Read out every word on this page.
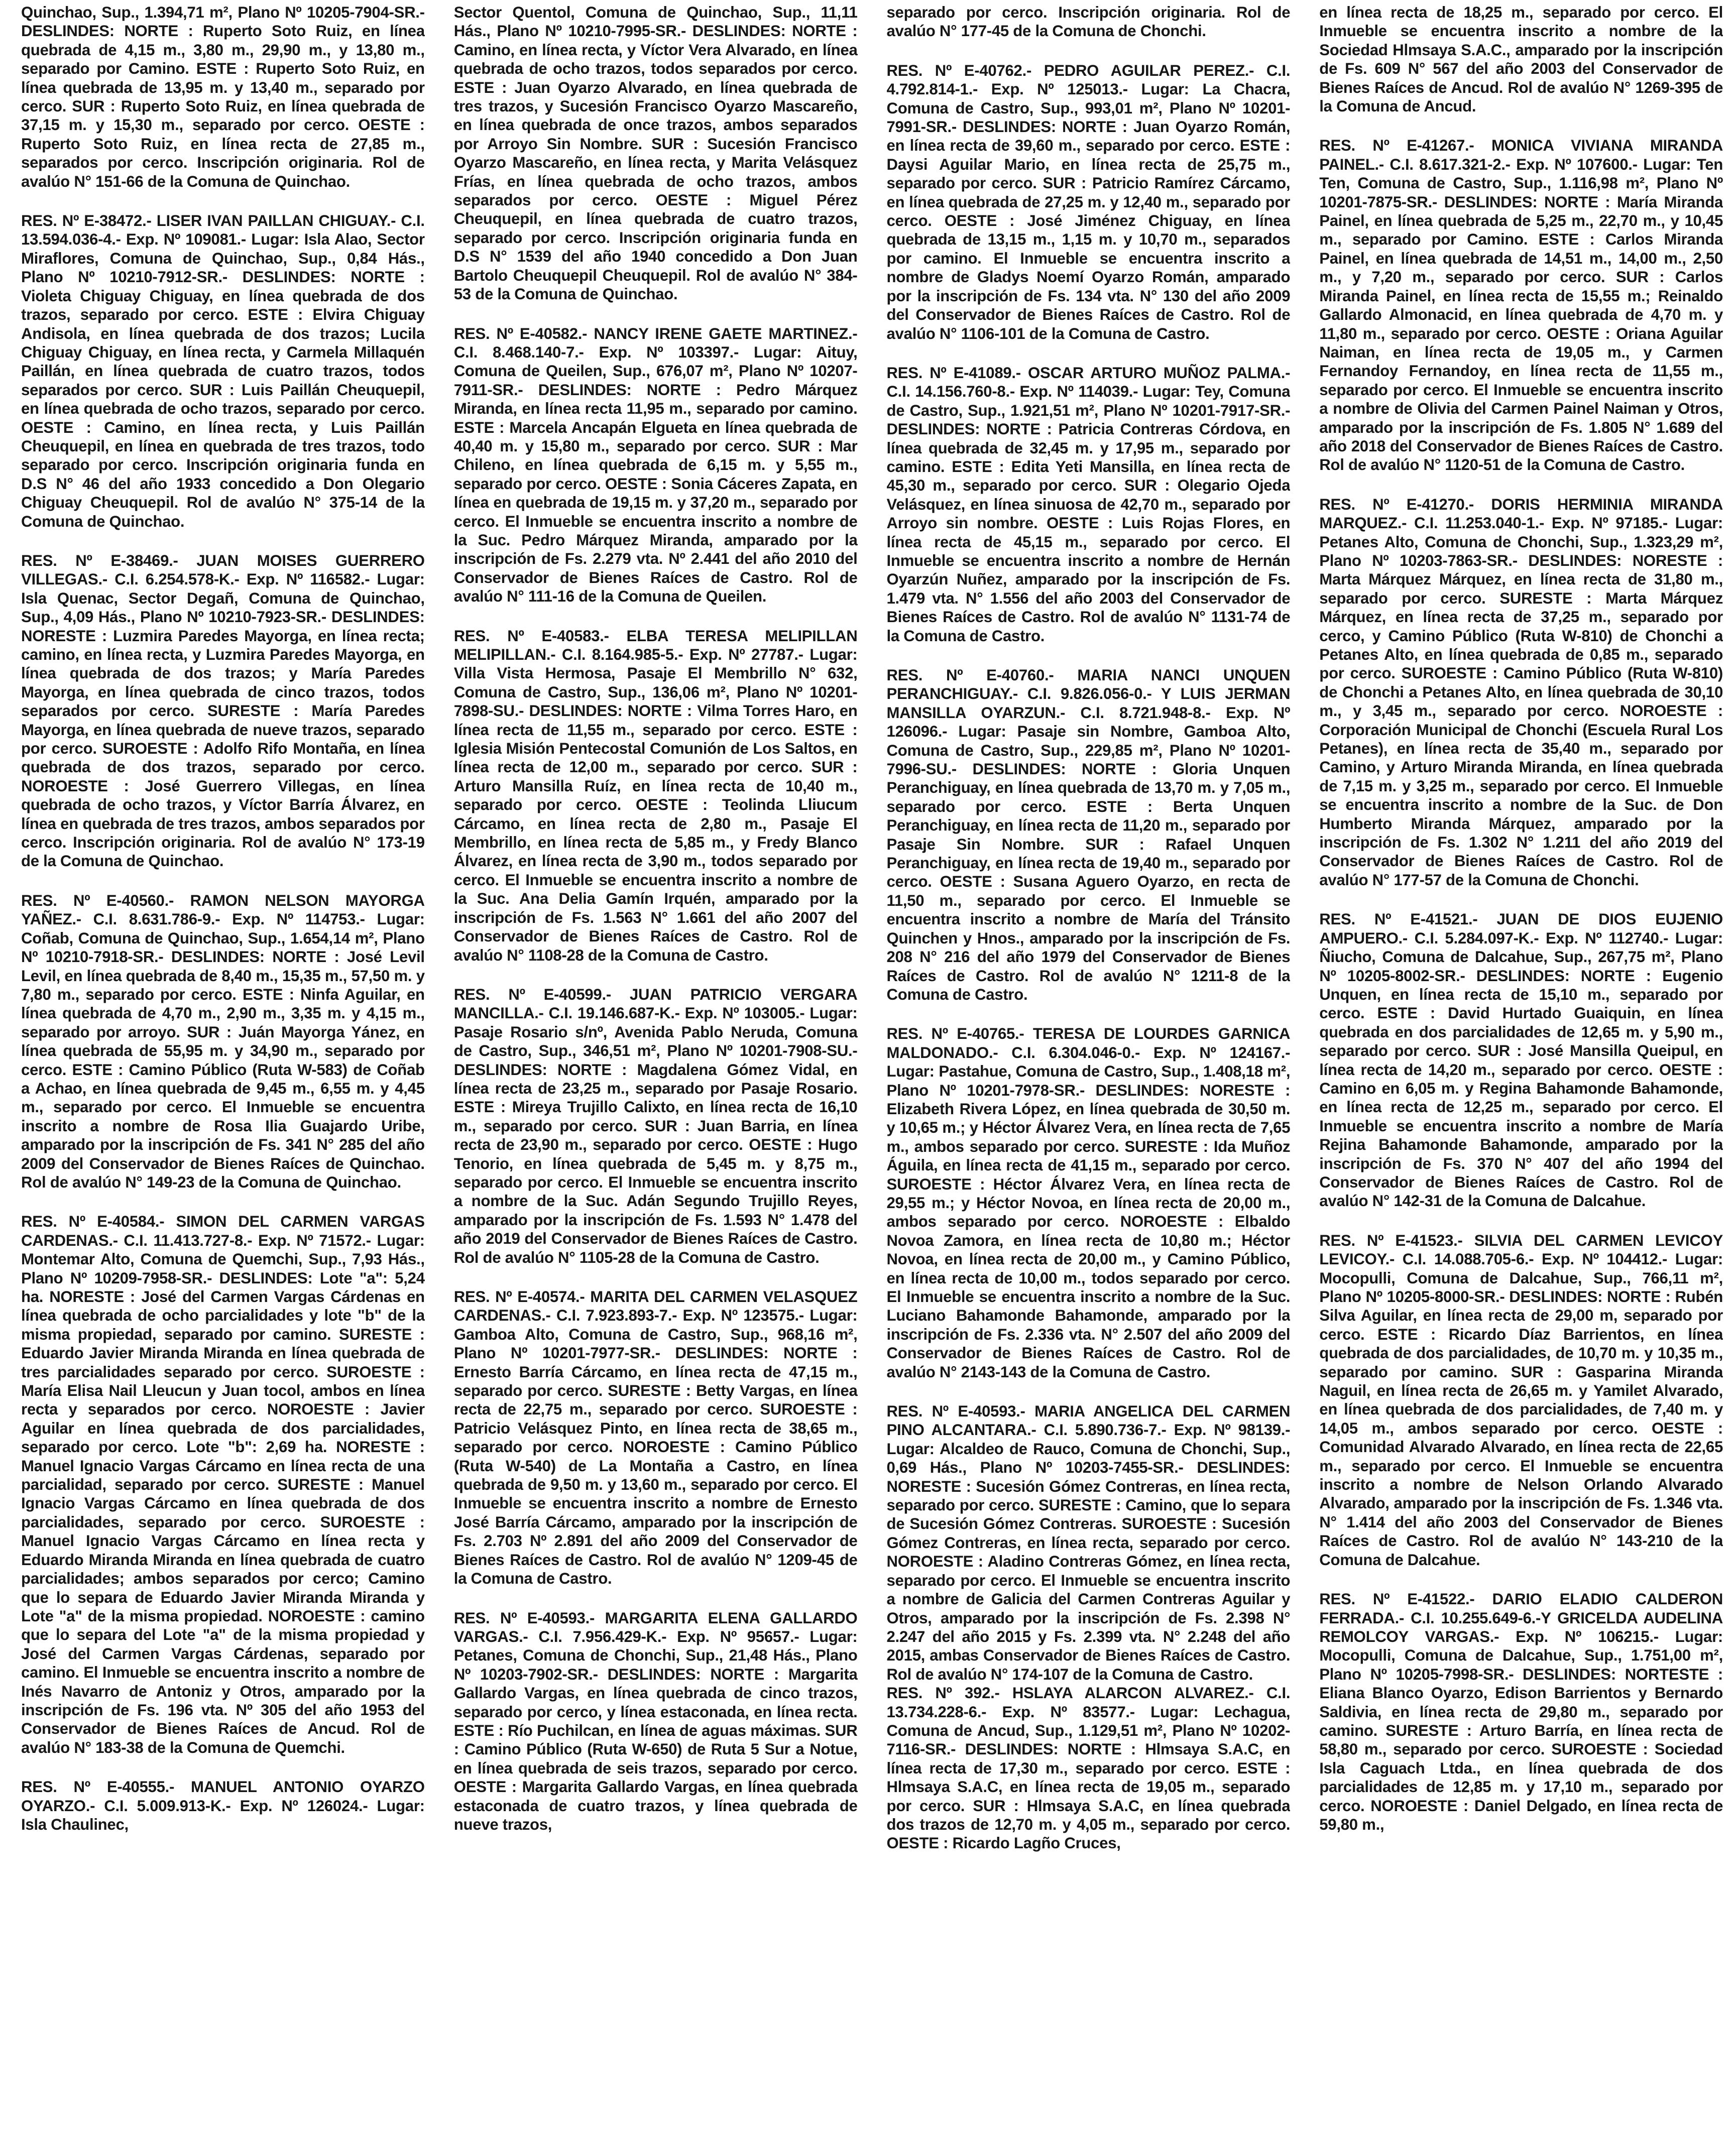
Quinchao, Sup., 1.394,71 m², Plano Nº 10205-7904-SR.- DESLINDES: NORTE : Ruperto Soto Ruiz, en línea quebrada de 4,15 m., 3,80 m., 29,90 m., y 13,80 m., separado por Camino. ESTE : Ruperto Soto Ruiz, en línea quebrada de 13,95 m. y 13,40 m., separado por cerco. SUR : Ruperto Soto Ruiz, en línea quebrada de 37,15 m. y 15,30 m., separado por cerco. OESTE : Ruperto Soto Ruiz, en línea recta de 27,85 m., separados por cerco. Inscripción originaria. Rol de avalúo N° 151-66 de la Comuna de Quinchao.

RES. Nº E-38472.- LISER IVAN PAILLAN CHIGUAY.- C.I. 13.594.036-4.- Exp. Nº 109081.- Lugar: Isla Alao, Sector Miraflores, Comuna de Quinchao, Sup., 0,84 Hás., Plano Nº 10210-7912-SR.- DESLINDES: NORTE : Violeta Chiguay Chiguay, en línea quebrada de dos trazos, separado por cerco. ESTE : Elvira Chiguay Andisola, en línea quebrada de dos trazos; Lucila Chiguay Chiguay, en línea recta, y Carmela Millaquén Paillán, en línea quebrada de cuatro trazos, todos separados por cerco. SUR : Luis Paillán Cheuquepil, en línea quebrada de ocho trazos, separado por cerco. OESTE : Camino, en línea recta, y Luis Paillán Cheuquepil, en línea en quebrada de tres trazos, todo separado por cerco. Inscripción originaria funda en D.S N° 46 del año 1933 concedido a Don Olegario Chiguay Cheuquepil. Rol de avalúo N° 375-14 de la Comuna de Quinchao.

RES. Nº E-38469.- JUAN MOISES GUERRERO VILLEGAS.- C.I. 6.254.578-K.- Exp. Nº 116582.- Lugar: Isla Quenac, Sector Degañ, Comuna de Quinchao, Sup., 4,09 Hás., Plano Nº 10210-7923-SR.- DESLINDES: NORESTE : Luzmira Paredes Mayorga, en línea recta; camino, en línea recta, y Luzmira Paredes Mayorga, en línea quebrada de dos trazos; y María Paredes Mayorga, en línea quebrada de cinco trazos, todos separados por cerco. SURESTE : María Paredes Mayorga, en línea quebrada de nueve trazos, separado por cerco. SUROESTE : Adolfo Rifo Montaña, en línea quebrada de dos trazos, separado por cerco. NOROESTE : José Guerrero Villegas, en línea quebrada de ocho trazos, y Víctor Barría Álvarez, en línea en quebrada de tres trazos, ambos separados por cerco. Inscripción originaria. Rol de avalúo N° 173-19 de la Comuna de Quinchao.

RES. Nº E-40560.- RAMON NELSON MAYORGA YAÑEZ.- C.I. 8.631.786-9.- Exp. Nº 114753.- Lugar: Coñab, Comuna de Quinchao, Sup., 1.654,14 m², Plano Nº 10210-7918-SR.- DESLINDES: NORTE : José Levil Levil, en línea quebrada de 8,40 m., 15,35 m., 57,50 m. y 7,80 m., separado por cerco. ESTE : Ninfa Aguilar, en línea quebrada de 4,70 m., 2,90 m., 3,35 m. y 4,15 m., separado por arroyo. SUR : Juán Mayorga Yánez, en línea quebrada de 55,95 m. y 34,90 m., separado por cerco. ESTE : Camino Público (Ruta W-583) de Coñab a Achao, en línea quebrada de 9,45 m., 6,55 m. y 4,45 m., separado por cerco. El Inmueble se encuentra inscrito a nombre de Rosa Ilia Guajardo Uribe, amparado por la inscripción de Fs. 341 N° 285 del año 2009 del Conservador de Bienes Raíces de Quinchao. Rol de avalúo N° 149-23 de la Comuna de Quinchao.

RES. Nº E-40584.- SIMON DEL CARMEN VARGAS CARDENAS.- C.I. 11.413.727-8.- Exp. Nº 71572.- Lugar: Montemar Alto, Comuna de Quemchi, Sup., 7,93 Hás., Plano Nº 10209-7958-SR.- DESLINDES: Lote "a": 5,24 ha. NORESTE : José del Carmen Vargas Cárdenas en línea quebrada de ocho parcialidades y lote "b" de la misma propiedad, separado por camino. SURESTE : Eduardo Javier Miranda Miranda en línea quebrada de tres parcialidades separado por cerco. SUROESTE : María Elisa Nail Lleucun y Juan tocol, ambos en línea recta y separados por cerco. NOROESTE : Javier Aguilar en línea quebrada de dos parcialidades, separado por cerco. Lote "b": 2,69 ha. NORESTE : Manuel Ignacio Vargas Cárcamo en línea recta de una parcialidad, separado por cerco. SURESTE : Manuel Ignacio Vargas Cárcamo en línea quebrada de dos parcialidades, separado por cerco. SUROESTE : Manuel Ignacio Vargas Cárcamo en línea recta y Eduardo Miranda Miranda en línea quebrada de cuatro parcialidades; ambos separados por cerco; Camino que lo separa de Eduardo Javier Miranda Miranda y Lote "a" de la misma propiedad. NOROESTE : camino que lo separa del Lote "a" de la misma propiedad y José del Carmen Vargas Cárdenas, separado por camino. El Inmueble se encuentra inscrito a nombre de Inés Navarro de Antoniz y Otros, amparado por la inscripción de Fs. 196 vta. Nº 305 del año 1953 del Conservador de Bienes Raíces de Ancud. Rol de avalúo N° 183-38 de la Comuna de Quemchi.

RES. Nº E-40555.- MANUEL ANTONIO OYARZO OYARZO.- C.I. 5.009.913-K.- Exp. Nº 126024.- Lugar: Isla Chaulinec,

Sector Quentol, Comuna de Quinchao, Sup., 11,11 Hás., Plano Nº 10210-7995-SR.- DESLINDES: NORTE : Camino, en línea recta, y Víctor Vera Alvarado, en línea quebrada de ocho trazos, todos separados por cerco. ESTE : Juan Oyarzo Alvarado, en línea quebrada de tres trazos, y Sucesión Francisco Oyarzo Mascareño, en línea quebrada de once trazos, ambos separados por Arroyo Sin Nombre. SUR : Sucesión Francisco Oyarzo Mascareño, en línea recta, y Marita Velásquez Frías, en línea quebrada de ocho trazos, ambos separados por cerco. OESTE : Miguel Pérez Cheuquepil, en línea quebrada de cuatro trazos, separado por cerco. Inscripción originaria funda en D.S N° 1539 del año 1940 concedido a Don Juan Bartolo Cheuquepil Cheuquepil. Rol de avalúo N° 384-53 de la Comuna de Quinchao.

RES. Nº E-40582.- NANCY IRENE GAETE MARTINEZ.- C.I. 8.468.140-7.- Exp. Nº 103397.- Lugar: Aituy, Comuna de Queilen, Sup., 676,07 m², Plano Nº 10207-7911-SR.- DESLINDES: NORTE : Pedro Márquez Miranda, en línea recta 11,95 m., separado por camino. ESTE : Marcela Ancapán Elgueta en línea quebrada de 40,40 m. y 15,80 m., separado por cerco. SUR : Mar Chileno, en línea quebrada de 6,15 m. y 5,55 m., separado por cerco. OESTE : Sonia Cáceres Zapata, en línea en quebrada de 19,15 m. y 37,20 m., separado por cerco. El Inmueble se encuentra inscrito a nombre de la Suc. Pedro Márquez Miranda, amparado por la inscripción de Fs. 2.279 vta. Nº 2.441 del año 2010 del Conservador de Bienes Raíces de Castro. Rol de avalúo N° 111-16 de la Comuna de Queilen.

RES. Nº E-40583.- ELBA TERESA MELIPILLAN MELIPILLAN.- C.I. 8.164.985-5.- Exp. Nº 27787.- Lugar: Villa Vista Hermosa, Pasaje El Membrillo N° 632, Comuna de Castro, Sup., 136,06 m², Plano Nº 10201-7898-SU.- DESLINDES: NORTE : Vilma Torres Haro, en línea recta de 11,55 m., separado por cerco. ESTE : Iglesia Misión Pentecostal Comunión de Los Saltos, en línea recta de 12,00 m., separado por cerco. SUR : Arturo Mansilla Ruíz, en línea recta de 10,40 m., separado por cerco. OESTE : Teolinda Lliucum Cárcamo, en línea recta de 2,80 m., Pasaje El Membrillo, en línea recta de 5,85 m., y Fredy Blanco Álvarez, en línea recta de 3,90 m., todos separado por cerco. El Inmueble se encuentra inscrito a nombre de la Suc. Ana Delia Gamín Irquén, amparado por la inscripción de Fs. 1.563 N° 1.661 del año 2007 del Conservador de Bienes Raíces de Castro. Rol de avalúo N° 1108-28 de la Comuna de Castro.

RES. Nº E-40599.- JUAN PATRICIO VERGARA MANCILLA.- C.I. 19.146.687-K.- Exp. Nº 103005.- Lugar: Pasaje Rosario s/nº, Avenida Pablo Neruda, Comuna de Castro, Sup., 346,51 m², Plano Nº 10201-7908-SU.- DESLINDES: NORTE : Magdalena Gómez Vidal, en línea recta de 23,25 m., separado por Pasaje Rosario. ESTE : Mireya Trujillo Calixto, en línea recta de 16,10 m., separado por cerco. SUR : Juan Barria, en línea recta de 23,90 m., separado por cerco. OESTE : Hugo Tenorio, en línea quebrada de 5,45 m. y 8,75 m., separado por cerco. El Inmueble se encuentra inscrito a nombre de la Suc. Adán Segundo Trujillo Reyes, amparado por la inscripción de Fs. 1.593 N° 1.478 del año 2019 del Conservador de Bienes Raíces de Castro. Rol de avalúo N° 1105-28 de la Comuna de Castro.

RES. Nº E-40574.- MARITA DEL CARMEN VELASQUEZ CARDENAS.- C.I. 7.923.893-7.- Exp. Nº 123575.- Lugar: Gamboa Alto, Comuna de Castro, Sup., 968,16 m², Plano Nº 10201-7977-SR.- DESLINDES: NORTE : Ernesto Barría Cárcamo, en línea recta de 47,15 m., separado por cerco. SURESTE : Betty Vargas, en línea recta de 22,75 m., separado por cerco. SUROESTE : Patricio Velásquez Pinto, en línea recta de 38,65 m., separado por cerco. NOROESTE : Camino Público (Ruta W-540) de La Montaña a Castro, en línea quebrada de 9,50 m. y 13,60 m., separado por cerco. El Inmueble se encuentra inscrito a nombre de Ernesto José Barría Cárcamo, amparado por la inscripción de Fs. 2.703 Nº 2.891 del año 2009 del Conservador de Bienes Raíces de Castro. Rol de avalúo N° 1209-45 de la Comuna de Castro.

RES. Nº E-40593.- MARGARITA ELENA GALLARDO VARGAS.- C.I. 7.956.429-K.- Exp. Nº 95657.- Lugar: Petanes, Comuna de Chonchi, Sup., 21,48 Hás., Plano Nº 10203-7902-SR.- DESLINDES: NORTE : Margarita Gallardo Vargas, en línea quebrada de cinco trazos, separado por cerco, y línea estaconada, en línea recta. ESTE : Río Puchilcan, en línea de aguas máximas. SUR : Camino Público (Ruta W-650) de Ruta 5 Sur a Notue, en línea quebrada de seis trazos, separado por cerco. OESTE : Margarita Gallardo Vargas, en línea quebrada estaconada de cuatro trazos, y línea quebrada de nueve trazos,

separado por cerco. Inscripción originaria. Rol de avalúo N° 177-45 de la Comuna de Chonchi.

RES. Nº E-40762.- PEDRO AGUILAR PEREZ.- C.I. 4.792.814-1.- Exp. Nº 125013.- Lugar: La Chacra, Comuna de Castro, Sup., 993,01 m², Plano Nº 10201-7991-SR.- DESLINDES: NORTE : Juan Oyarzo Román, en línea recta de 39,60 m., separado por cerco. ESTE : Daysi Aguilar Mario, en línea recta de 25,75 m., separado por cerco. SUR : Patricio Ramírez Cárcamo, en línea quebrada de 27,25 m. y 12,40 m., separado por cerco. OESTE : José Jiménez Chiguay, en línea quebrada de 13,15 m., 1,15 m. y 10,70 m., separados por camino. El Inmueble se encuentra inscrito a nombre de Gladys Noemí Oyarzo Román, amparado por la inscripción de Fs. 134 vta. N° 130 del año 2009 del Conservador de Bienes Raíces de Castro. Rol de avalúo N° 1106-101 de la Comuna de Castro.

RES. Nº E-41089.- OSCAR ARTURO MUÑOZ PALMA.- C.I. 14.156.760-8.- Exp. Nº 114039.- Lugar: Tey, Comuna de Castro, Sup., 1.921,51 m², Plano Nº 10201-7917-SR.- DESLINDES: NORTE : Patricia Contreras Córdova, en línea quebrada de 32,45 m. y 17,95 m., separado por camino. ESTE : Edita Yeti Mansilla, en línea recta de 45,30 m., separado por cerco. SUR : Olegario Ojeda Velásquez, en línea sinuosa de 42,70 m., separado por Arroyo sin nombre. OESTE : Luis Rojas Flores, en línea recta de 45,15 m., separado por cerco. El Inmueble se encuentra inscrito a nombre de Hernán Oyarzún Nuñez, amparado por la inscripción de Fs. 1.479 vta. N° 1.556 del año 2003 del Conservador de Bienes Raíces de Castro. Rol de avalúo N° 1131-74 de la Comuna de Castro.

RES. Nº E-40760.- MARIA NANCI UNQUEN PERANCHIGUAY.- C.I. 9.826.056-0.- Y LUIS JERMAN MANSILLA OYARZUN.- C.I. 8.721.948-8.- Exp. Nº 126096.- Lugar: Pasaje sin Nombre, Gamboa Alto, Comuna de Castro, Sup., 229,85 m², Plano Nº 10201-7996-SU.- DESLINDES: NORTE : Gloria Unquen Peranchiguay, en línea quebrada de 13,70 m. y 7,05 m., separado por cerco. ESTE : Berta Unquen Peranchiguay, en línea recta de 11,20 m., separado por Pasaje Sin Nombre. SUR : Rafael Unquen Peranchiguay, en línea recta de 19,40 m., separado por cerco. OESTE : Susana Aguero Oyarzo, en recta de 11,50 m., separado por cerco. El Inmueble se encuentra inscrito a nombre de María del Tránsito Quinchen y Hnos., amparado por la inscripción de Fs. 208 N° 216 del año 1979 del Conservador de Bienes Raíces de Castro. Rol de avalúo N° 1211-8 de la Comuna de Castro.

RES. Nº E-40765.- TERESA DE LOURDES GARNICA MALDONADO.- C.I. 6.304.046-0.- Exp. Nº 124167.- Lugar: Pastahue, Comuna de Castro, Sup., 1.408,18 m², Plano Nº 10201-7978-SR.- DESLINDES: NORESTE : Elizabeth Rivera López, en línea quebrada de 30,50 m. y 10,65 m.; y Héctor Álvarez Vera, en línea recta de 7,65 m., ambos separado por cerco. SURESTE : Ida Muñoz Águila, en línea recta de 41,15 m., separado por cerco. SUROESTE : Héctor Álvarez Vera, en línea recta de 29,55 m.; y Héctor Novoa, en línea recta de 20,00 m., ambos separado por cerco. NOROESTE : Elbaldo Novoa Zamora, en línea recta de 10,80 m.; Héctor Novoa, en línea recta de 20,00 m., y Camino Público, en línea recta de 10,00 m., todos separado por cerco. El Inmueble se encuentra inscrito a nombre de la Suc. Luciano Bahamonde Bahamonde, amparado por la inscripción de Fs. 2.336 vta. N° 2.507 del año 2009 del Conservador de Bienes Raíces de Castro. Rol de avalúo N° 2143-143 de la Comuna de Castro.

RES. Nº E-40593.- MARIA ANGELICA DEL CARMEN PINO ALCANTARA.- C.I. 5.890.736-7.- Exp. Nº 98139.- Lugar: Alcaldeo de Rauco, Comuna de Chonchi, Sup., 0,69 Hás., Plano Nº 10203-7455-SR.- DESLINDES: NORESTE : Sucesión Gómez Contreras, en línea recta, separado por cerco. SURESTE : Camino, que lo separa de Sucesión Gómez Contreras. SUROESTE : Sucesión Gómez Contreras, en línea recta, separado por cerco. NOROESTE : Aladino Contreras Gómez, en línea recta, separado por cerco. El Inmueble se encuentra inscrito a nombre de Galicia del Carmen Contreras Aguilar y Otros, amparado por la inscripción de Fs. 2.398 N° 2.247 del año 2015 y Fs. 2.399 vta. N° 2.248 del año 2015, ambas Conservador de Bienes Raíces de Castro. Rol de avalúo N° 174-107 de la Comuna de Castro.

RES. Nº 392.- HSLAYA ALARCON ALVAREZ.- C.I. 13.734.228-6.- Exp. Nº 83577.- Lugar: Lechagua, Comuna de Ancud, Sup., 1.129,51 m², Plano Nº 10202-7116-SR.- DESLINDES: NORTE : Hlmsaya S.A.C, en línea recta de 17,30 m., separado por cerco. ESTE : Hlmsaya S.A.C, en línea recta de 19,05 m., separado por cerco. SUR : Hlmsaya S.A.C, en línea quebrada dos trazos de 12,70 m. y 4,05 m., separado por cerco. OESTE : Ricardo Lagño Cruces,

en línea recta de 18,25 m., separado por cerco. El Inmueble se encuentra inscrito a nombre de la Sociedad Hlmsaya S.A.C., amparado por la inscripción de Fs. 609 N° 567 del año 2003 del Conservador de Bienes Raíces de Ancud. Rol de avalúo N° 1269-395 de la Comuna de Ancud.

RES. Nº E-41267.- MONICA VIVIANA MIRANDA PAINEL.- C.I. 8.617.321-2.- Exp. Nº 107600.- Lugar: Ten Ten, Comuna de Castro, Sup., 1.116,98 m², Plano Nº 10201-7875-SR.- DESLINDES: NORTE : María Miranda Painel, en línea quebrada de 5,25 m., 22,70 m., y 10,45 m., separado por Camino. ESTE : Carlos Miranda Painel, en línea quebrada de 14,51 m., 14,00 m., 2,50 m., y 7,20 m., separado por cerco. SUR : Carlos Miranda Painel, en línea recta de 15,55 m.; Reinaldo Gallardo Almonacid, en línea quebrada de 4,70 m. y 11,80 m., separado por cerco. OESTE : Oriana Aguilar Naiman, en línea recta de 19,05 m., y Carmen Fernandoy Fernandoy, en línea recta de 11,55 m., separado por cerco. El Inmueble se encuentra inscrito a nombre de Olivia del Carmen Painel Naiman y Otros, amparado por la inscripción de Fs. 1.805 N° 1.689 del año 2018 del Conservador de Bienes Raíces de Castro. Rol de avalúo N° 1120-51 de la Comuna de Castro.

RES. Nº E-41270.- DORIS HERMINIA MIRANDA MARQUEZ.- C.I. 11.253.040-1.- Exp. Nº 97185.- Lugar: Petanes Alto, Comuna de Chonchi, Sup., 1.323,29 m², Plano Nº 10203-7863-SR.- DESLINDES: NORESTE : Marta Márquez Márquez, en línea recta de 31,80 m., separado por cerco. SURESTE : Marta Márquez Márquez, en línea recta de 37,25 m., separado por cerco, y Camino Público (Ruta W-810) de Chonchi a Petanes Alto, en línea quebrada de 0,85 m., separado por cerco. SUROESTE : Camino Público (Ruta W-810) de Chonchi a Petanes Alto, en línea quebrada de 30,10 m., y 3,45 m., separado por cerco. NOROESTE : Corporación Municipal de Chonchi (Escuela Rural Los Petanes), en línea recta de 35,40 m., separado por Camino, y Arturo Miranda Miranda, en línea quebrada de 7,15 m. y 3,25 m., separado por cerco. El Inmueble se encuentra inscrito a nombre de la Suc. de Don Humberto Miranda Márquez, amparado por la inscripción de Fs. 1.302 N° 1.211 del año 2019 del Conservador de Bienes Raíces de Castro. Rol de avalúo N° 177-57 de la Comuna de Chonchi.

RES. Nº E-41521.- JUAN DE DIOS EUJENIO AMPUERO.- C.I. 5.284.097-K.- Exp. Nº 112740.- Lugar: Ñiucho, Comuna de Dalcahue, Sup., 267,75 m², Plano Nº 10205-8002-SR.- DESLINDES: NORTE : Eugenio Unquen, en línea recta de 15,10 m., separado por cerco. ESTE : David Hurtado Guaiquin, en línea quebrada en dos parcialidades de 12,65 m. y 5,90 m., separado por cerco. SUR : José Mansilla Queipul, en línea recta de 14,20 m., separado por cerco. OESTE : Camino en 6,05 m. y Regina Bahamonde Bahamonde, en línea recta de 12,25 m., separado por cerco. El Inmueble se encuentra inscrito a nombre de María Rejina Bahamonde Bahamonde, amparado por la inscripción de Fs. 370 N° 407 del año 1994 del Conservador de Bienes Raíces de Castro. Rol de avalúo N° 142-31 de la Comuna de Dalcahue.

RES. Nº E-41523.- SILVIA DEL CARMEN LEVICOY LEVICOY.- C.I. 14.088.705-6.- Exp. Nº 104412.- Lugar: Mocopulli, Comuna de Dalcahue, Sup., 766,11 m², Plano Nº 10205-8000-SR.- DESLINDES: NORTE : Rubén Silva Aguilar, en línea recta de 29,00 m, separado por cerco. ESTE : Ricardo Díaz Barrientos, en línea quebrada de dos parcialidades, de 10,70 m. y 10,35 m., separado por camino. SUR : Gasparina Miranda Naguil, en línea recta de 26,65 m. y Yamilet Alvarado, en línea quebrada de dos parcialidades, de 7,40 m. y 14,05 m., ambos separado por cerco. OESTE : Comunidad Alvarado Alvarado, en línea recta de 22,65 m., separado por cerco. El Inmueble se encuentra inscrito a nombre de Nelson Orlando Alvarado Alvarado, amparado por la inscripción de Fs. 1.346 vta. N° 1.414 del año 2003 del Conservador de Bienes Raíces de Castro. Rol de avalúo N° 143-210 de la Comuna de Dalcahue.

RES. Nº E-41522.- DARIO ELADIO CALDERON FERRADA.- C.I. 10.255.649-6.-Y GRICELDA AUDELINA REMOLCOY VARGAS.- Exp. Nº 106215.- Lugar: Mocopulli, Comuna de Dalcahue, Sup., 1.751,00 m², Plano Nº 10205-7998-SR.- DESLINDES: NORTESTE : Eliana Blanco Oyarzo, Edison Barrientos y Bernardo Saldivia, en línea recta de 29,80 m., separado por camino. SURESTE : Arturo Barría, en línea recta de 58,80 m., separado por cerco. SUROESTE : Sociedad Isla Caguach Ltda., en línea quebrada de dos parcialidades de 12,85 m. y 17,10 m., separado por cerco. NOROESTE : Daniel Delgado, en línea recta de 59,80 m.,
